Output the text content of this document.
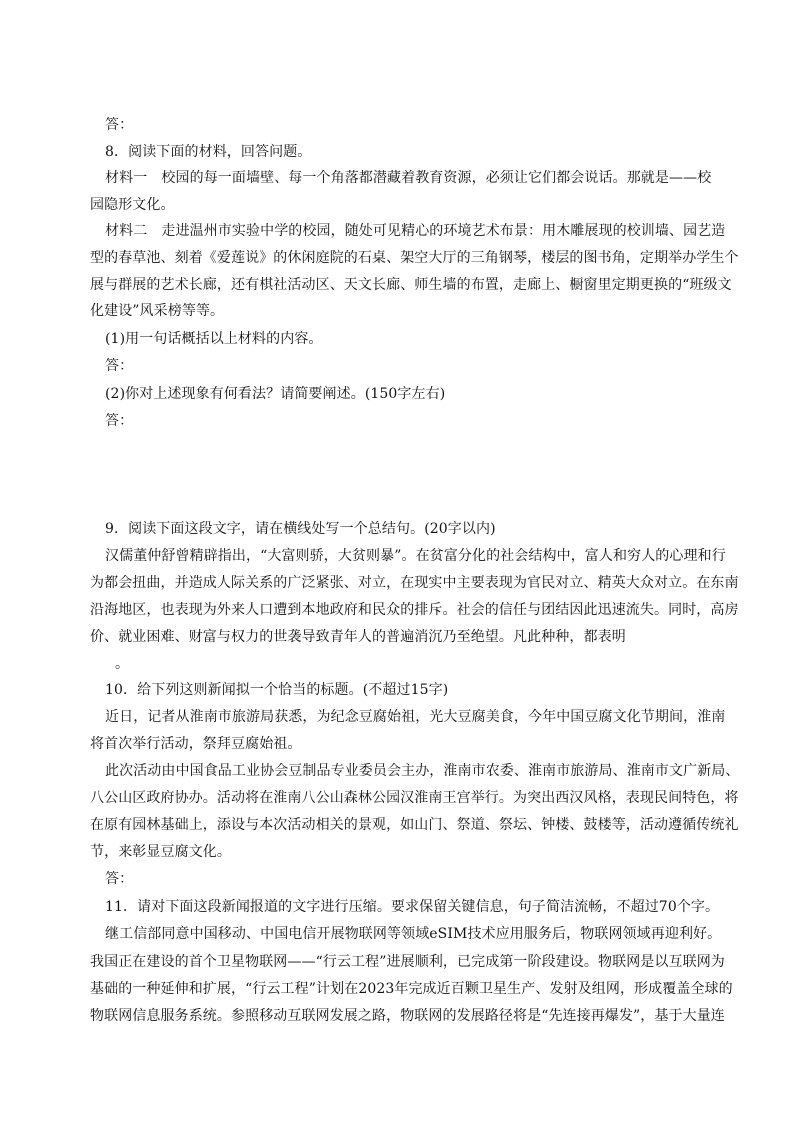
答：
8．阅读下面的材料，回答问题。
材料一　校园的每一面墙壁、每一个角落都潜藏着教育资源，必须让它们都会说话。那就是——校
园隐形文化。
材料二　走进温州市实验中学的校园，随处可见精心的环境艺术布景：用木雕展现的校训墙、园艺造
型的春草池、刻着《爱莲说》的休闲庭院的石桌、架空大厅的三角钢琴，楼层的图书角，定期举办学生个
展与群展的艺术长廊，还有棋社活动区、天文长廊、师生墙的布置，走廊上、橱窗里定期更换的“班级文
化建设”风采榜等等。
(1)用一句话概括以上材料的内容。
答：
(2)你对上述现象有何看法？请简要阐述。(150字左右)
答：
9．阅读下面这段文字，请在横线处写一个总结句。(20字以内)
汉儒董仲舒曾精辟指出，“大富则骄，大贫则暴”。在贫富分化的社会结构中，富人和穷人的心理和行
为都会扭曲，并造成人际关系的广泛紧张、对立，在现实中主要表现为官民对立、精英大众对立。在东南
沿海地区，也表现为外来人口遭到本地政府和民众的排斥。社会的信任与团结因此迅速流失。同时，高房
价、就业困难、财富与权力的世袭导致青年人的普遍消沉乃至绝望。凡此种种，都表明
。
10．给下列这则新闻拟一个恰当的标题。(不超过15字)
近日，记者从淮南市旅游局获悉，为纪念豆腐始祖，光大豆腐美食，今年中国豆腐文化节期间，淮南
将首次举行活动，祭拜豆腐始祖。
此次活动由中国食品工业协会豆制品专业委员会主办，淮南市农委、淮南市旅游局、淮南市文广新局、
八公山区政府协办。活动将在淮南八公山森林公园汉淮南王宫举行。为突出西汉风格，表现民间特色，将
在原有园林基础上，添设与本次活动相关的景观，如山门、祭道、祭坛、钟楼、鼓楼等，活动遵循传统礼
节，来彰显豆腐文化。
答：
11．请对下面这段新闻报道的文字进行压缩。要求保留关键信息，句子简洁流畅，不超过70个字。
继工信部同意中国移动、中国电信开展物联网等领域eSIM技术应用服务后，物联网领域再迎利好。
我国正在建设的首个卫星物联网——“行云工程”进展顺利，已完成第一阶段建设。物联网是以互联网为
基础的一种延伸和扩展，“行云工程”计划在2023年完成近百颗卫星生产、发射及组网，形成覆盖全球的
物联网信息服务系统。参照移动互联网发展之路，物联网的发展路径将是“先连接再爆发”，基于大量连
